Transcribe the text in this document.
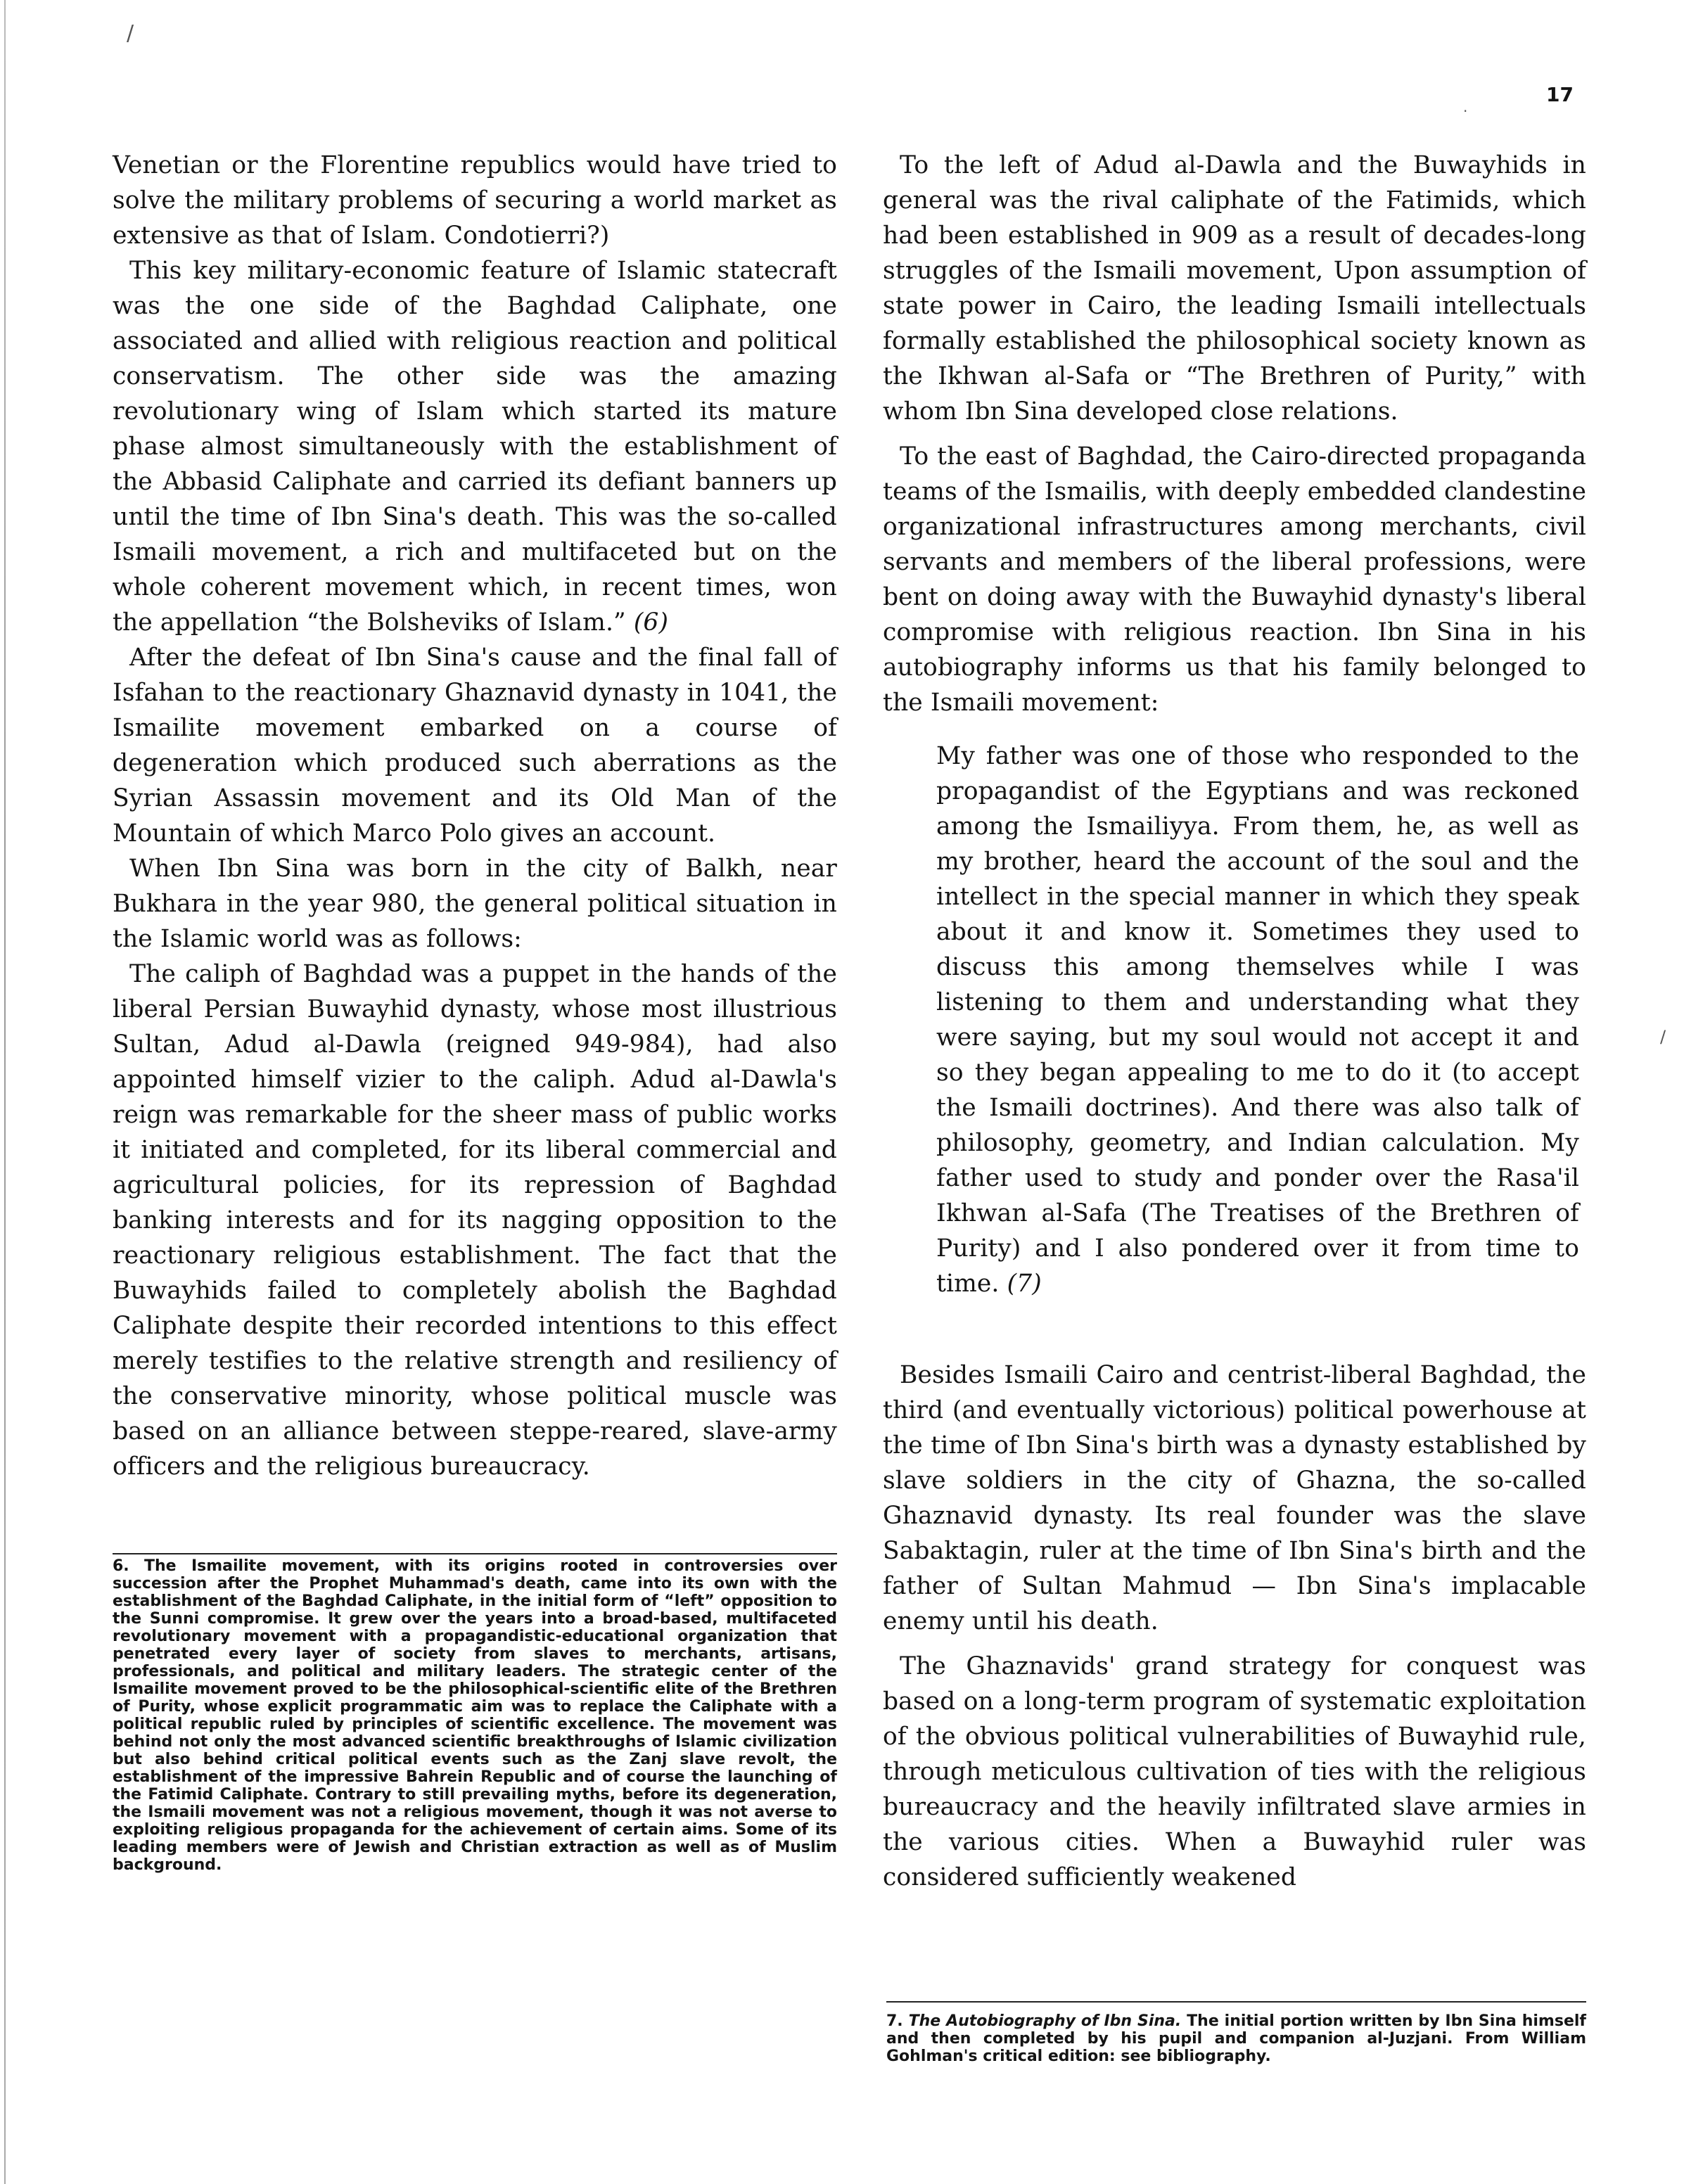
/
.
/
17

Venetian or the Florentine republics would have tried to solve the military problems of securing a world market as extensive as that of Islam. Condotierri?)

This key military-economic feature of Islamic statecraft was the one side of the Baghdad Caliphate, one associated and allied with religious reaction and political conservatism. The other side was the amazing revolutionary wing of Islam which started its mature phase almost simultaneously with the establishment of the Abbasid Caliphate and carried its defiant banners up until the time of Ibn Sina's death. This was the so-called Ismaili movement, a rich and multifaceted but on the whole coherent movement which, in recent times, won the appellation “the Bolsheviks of Islam.” (6)

After the defeat of Ibn Sina's cause and the final fall of Isfahan to the reactionary Ghaznavid dynasty in 1041, the Ismailite movement embarked on a course of degeneration which produced such aberrations as the Syrian Assassin movement and its Old Man of the Mountain of which Marco Polo gives an account.

When Ibn Sina was born in the city of Balkh, near Bukhara in the year 980, the general political situation in the Islamic world was as follows:

The caliph of Baghdad was a puppet in the hands of the liberal Persian Buwayhid dynasty, whose most illustrious Sultan, Adud al-Dawla (reigned 949-984), had also appointed himself vizier to the caliph. Adud al-Dawla's reign was remarkable for the sheer mass of public works it initiated and completed, for its liberal commercial and agricultural policies, for its repression of Baghdad banking interests and for its nagging opposition to the reactionary religious establishment. The fact that the Buwayhids failed to completely abolish the Baghdad Caliphate despite their recorded intentions to this effect merely testifies to the relative strength and resiliency of the conservative minority, whose political muscle was based on an alliance between steppe-reared, slave-army officers and the religious bureaucracy.

6. The Ismailite movement, with its origins rooted in controversies over succession after the Prophet Muhammad's death, came into its own with the establishment of the Baghdad Caliphate, in the initial form of “left” opposition to the Sunni compromise. It grew over the years into a broad-based, multifaceted revolutionary movement with a propagandistic-educational organization that penetrated every layer of society from slaves to merchants, artisans, professionals, and political and military leaders. The strategic center of the Ismailite movement proved to be the philosophical-scientific elite of the Brethren of Purity, whose explicit programmatic aim was to replace the Caliphate with a political republic ruled by principles of scientific excellence. The movement was behind not only the most advanced scientific breakthroughs of Islamic civilization but also behind critical political events such as the Zanj slave revolt, the establishment of the impressive Bahrein Republic and of course the launching of the Fatimid Caliphate. Contrary to still prevailing myths, before its degeneration, the Ismaili movement was not a religious movement, though it was not averse to exploiting religious propaganda for the achievement of certain aims. Some of its leading members were of Jewish and Christian extraction as well as of Muslim background.

To the left of Adud al-Dawla and the Buwayhids in general was the rival caliphate of the Fatimids, which had been established in 909 as a result of decades-long struggles of the Ismaili movement, Upon assumption of state power in Cairo, the leading Ismaili intellectuals formally established the philosophical society known as the Ikhwan al-Safa or “The Brethren of Purity,” with whom Ibn Sina developed close relations.

To the east of Baghdad, the Cairo-directed propaganda teams of the Ismailis, with deeply embedded clandestine organizational infrastructures among merchants, civil servants and members of the liberal professions, were bent on doing away with the Buwayhid dynasty's liberal compromise with religious reaction. Ibn Sina in his autobiography informs us that his family belonged to the Ismaili movement:

My father was one of those who responded to the propagandist of the Egyptians and was reckoned among the Ismailiyya. From them, he, as well as my brother, heard the account of the soul and the intellect in the special manner in which they speak about it and know it. Sometimes they used to discuss this among themselves while I was listening to them and understanding what they were saying, but my soul would not accept it and so they began appealing to me to do it (to accept the Ismaili doctrines). And there was also talk of philosophy, geometry, and Indian calculation. My father used to study and ponder over the Rasa'il Ikhwan al-Safa (The Treatises of the Brethren of Purity) and I also pondered over it from time to time. (7)

Besides Ismaili Cairo and centrist-liberal Baghdad, the third (and eventually victorious) political powerhouse at the time of Ibn Sina's birth was a dynasty established by slave soldiers in the city of Ghazna, the so-called Ghaznavid dynasty. Its real founder was the slave Sabaktagin, ruler at the time of Ibn Sina's birth and the father of Sultan Mahmud — Ibn Sina's implacable enemy until his death.

The Ghaznavids' grand strategy for conquest was based on a long-term program of systematic exploitation of the obvious political vulnerabilities of Buwayhid rule, through meticulous cultivation of ties with the religious bureaucracy and the heavily infiltrated slave armies in the various cities. When a Buwayhid ruler was considered sufficiently weakened

7. The Autobiography of Ibn Sina. The initial portion written by Ibn Sina himself and then completed by his pupil and companion al-Juzjani. From William Gohlman's critical edition: see bibliography.
